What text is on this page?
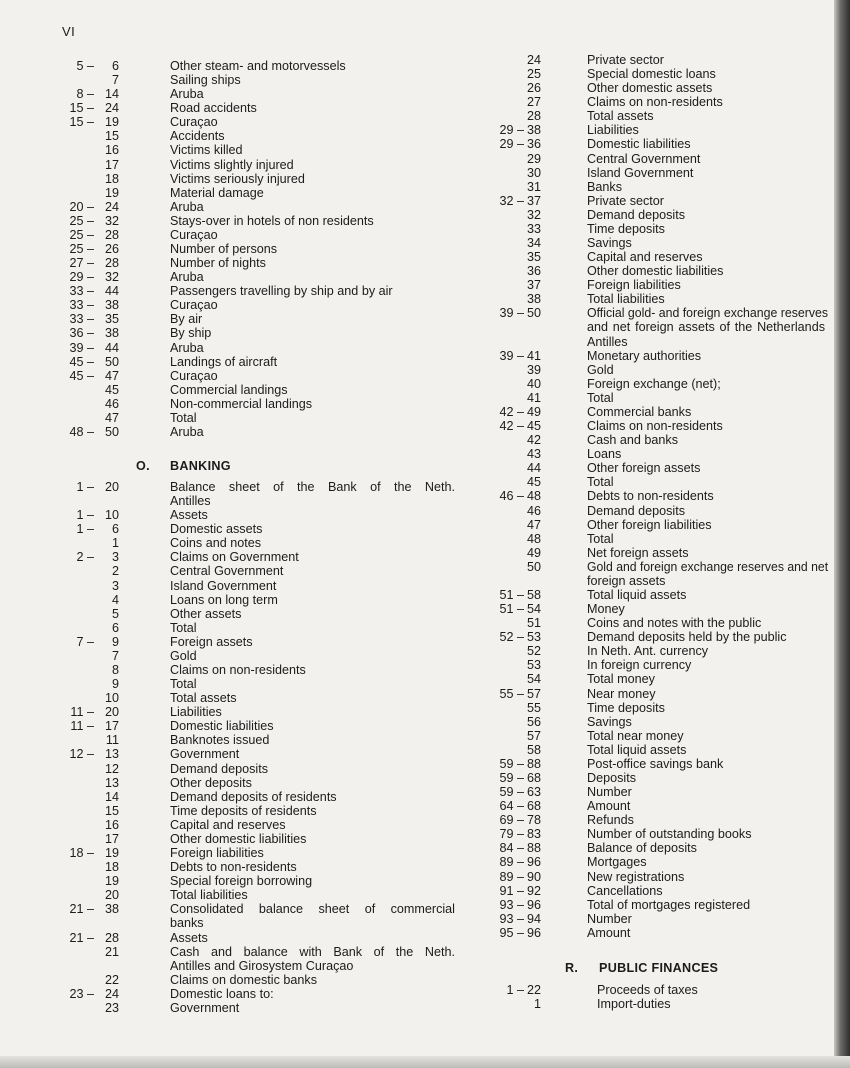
VI
5 –	6	Other steam- and motorvessels
7	Sailing ships
8 – 14	Aruba
15 – 24	Road accidents
15 – 19	Curaçao
15	Accidents
16	Victims killed
17	Victims slightly injured
18	Victims seriously injured
19	Material damage
20 – 24	Aruba
25 – 32	Stays-over in hotels of non residents
25 – 28	Curaçao
25 – 26	Number of persons
27 – 28	Number of nights
29 – 32	Aruba
33 – 44	Passengers travelling by ship and by air
33 – 38	Curaçao
33 – 35	By air
36 – 38	By ship
39 – 44	Aruba
45 – 50	Landings of aircraft
45 – 47	Curaçao
45	Commercial landings
46	Non-commercial landings
47	Total
48 – 50	Aruba
O. BANKING
1 – 20	Balance sheet of the Bank of the Neth.
Antilles
1 – 10	Assets
1 –	6	Domestic assets
1	Coins and notes
2 –	3	Claims on Government
2	Central Government
3	Island Government
4	Loans on long term
5	Other assets
6	Total
7 –	9	Foreign assets
7	Gold
8	Claims on non-residents
9	Total
10	Total assets
11 – 20	Liabilities
11 – 17	Domestic liabilities
11	Banknotes issued
12 – 13	Government
12	Demand deposits
13	Other deposits
14	Demand deposits of residents
15	Time deposits of residents
16	Capital and reserves
17	Other domestic liabilities
18 – 19	Foreign liabilities
18	Debts to non-residents
19	Special foreign borrowing
20	Total liabilities
21 – 38	Consolidated balance sheet of commercial
banks
21 – 28	Assets
21	Cash and balance with Bank of the Neth.
Antilles and Girosystem Curaçao
22	Claims on domestic banks
23 – 24	Domestic loans to:
23	Government
24	Private sector
25	Special domestic loans
26	Other domestic assets
27	Claims on non-residents
28	Total assets
29 – 38	Liabilities
29 – 36	Domestic liabilities
29	Central Government
30	Island Government
31	Banks
32 – 37	Private sector
32	Demand deposits
33	Time deposits
34	Savings
35	Capital and reserves
36	Other domestic liabilities
37	Foreign liabilities
38	Total liabilities
39 – 50	Official gold- and foreign exchange reserves
and net foreign assets of the Netherlands
Antilles
39 – 41	Monetary authorities
39	Gold
40	Foreign exchange (net);
41	Total
42 – 49	Commercial banks
42 – 45	Claims on non-residents
42	Cash and banks
43	Loans
44	Other foreign assets
45	Total
46 – 48	Debts to non-residents
46	Demand deposits
47	Other foreign liabilities
48	Total
49	Net foreign assets
50	Gold and foreign exchange reserves and net
foreign assets
51 – 58	Total liquid assets
51 – 54	Money
51	Coins and notes with the public
52 – 53	Demand deposits held by the public
52	In Neth. Ant. currency
53	In foreign currency
54	Total money
55 – 57	Near money
55	Time deposits
56	Savings
57	Total near money
58	Total liquid assets
59 – 88	Post-office savings bank
59 – 68	Deposits
59 – 63	Number
64 – 68	Amount
69 – 78	Refunds
79 – 83	Number of outstanding books
84 – 88	Balance of deposits
89 – 96	Mortgages
89 – 90	New registrations
91 – 92	Cancellations
93 – 96	Total of mortgages registered
93 – 94	Number
95 – 96	Amount
R. PUBLIC FINANCES
1 – 22	Proceeds of taxes
1	Import-duties
